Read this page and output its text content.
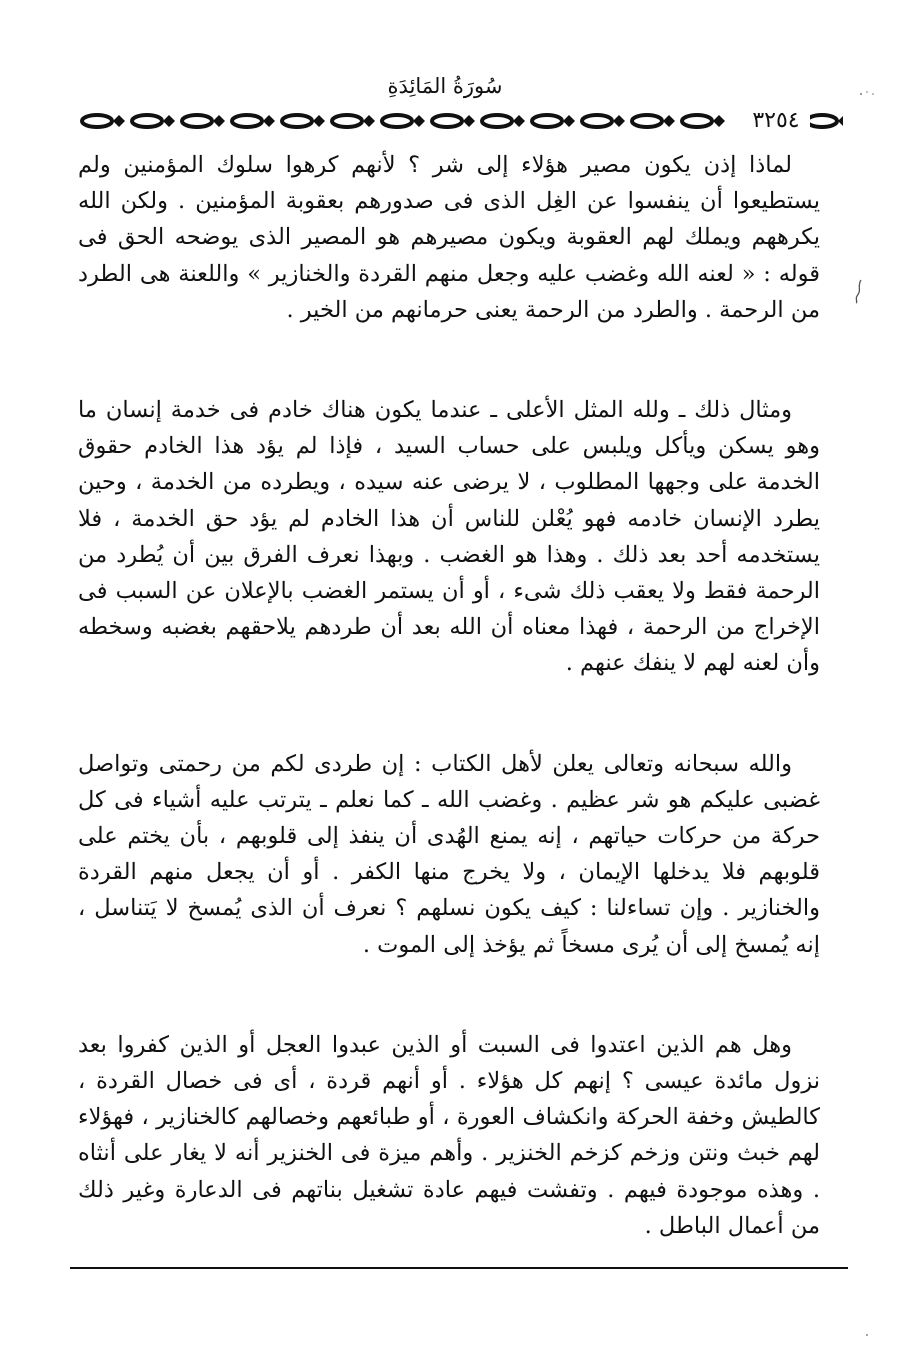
سُورَةُ المَائِدَةِ
٣٢٥٤

لماذا إذن يكون مصير هؤلاء إلى شر ؟ لأنهم كرهوا سلوك المؤمنين ولم يستطيعوا أن ينفسوا عن الغِل الذى فى صدورهم بعقوبة المؤمنين . ولكن الله يكرههم ويملك لهم العقوبة ويكون مصيرهم هو المصير الذى يوضحه الحق فى قوله : « لعنه الله وغضب عليه وجعل منهم القردة والخنازير » واللعنة هى الطرد من الرحمة . والطرد من الرحمة يعنى حرمانهم من الخير .

ومثال ذلك ـ ولله المثل الأعلى ـ عندما يكون هناك خادم فى خدمة إنسان ما وهو يسكن ويأكل ويلبس على حساب السيد ، فإذا لم يؤد هذا الخادم حقوق الخدمة على وجهها المطلوب ، لا يرضى عنه سيده ، ويطرده من الخدمة ، وحين يطرد الإنسان خادمه فهو يُعْلن للناس أن هذا الخادم لم يؤد حق الخدمة ، فلا يستخدمه أحد بعد ذلك . وهذا هو الغضب . وبهذا نعرف الفرق بين أن يُطرد من الرحمة فقط ولا يعقب ذلك شىء ، أو أن يستمر الغضب بالإعلان عن السبب فى الإخراج من الرحمة ، فهذا معناه أن الله بعد أن طردهم يلاحقهم بغضبه وسخطه وأن لعنه لهم لا ينفك عنهم .

والله سبحانه وتعالى يعلن لأهل الكتاب : إن طردى لكم من رحمتى وتواصل غضبى عليكم هو شر عظيم . وغضب الله ـ كما نعلم ـ يترتب عليه أشياء فى كل حركة من حركات حياتهم ، إنه يمنع الهُدى أن ينفذ إلى قلوبهم ، بأن يختم على قلوبهم فلا يدخلها الإيمان ، ولا يخرج منها الكفر . أو أن يجعل منهم القردة والخنازير . وإن تساءلنا : كيف يكون نسلهم ؟ نعرف أن الذى يُمسخ لا يَتناسل ، إنه يُمسخ إلى أن يُرى مسخاً ثم يؤخذ إلى الموت .

وهل هم الذين اعتدوا فى السبت أو الذين عبدوا العجل أو الذين كفروا بعد نزول مائدة عيسى ؟ إنهم كل هؤلاء . أو أنهم قردة ، أى فى خصال القردة ، كالطيش وخفة الحركة وانكشاف العورة ، أو طبائعهم وخصالهم كالخنازير ، فهؤلاء لهم خبث ونتن وزخم كزخم الخنزير . وأهم ميزة فى الخنزير أنه لا يغار على أنثاه . وهذه موجودة فيهم . وتفشت فيهم عادة تشغيل بناتهم فى الدعارة وغير ذلك من أعمال الباطل .
